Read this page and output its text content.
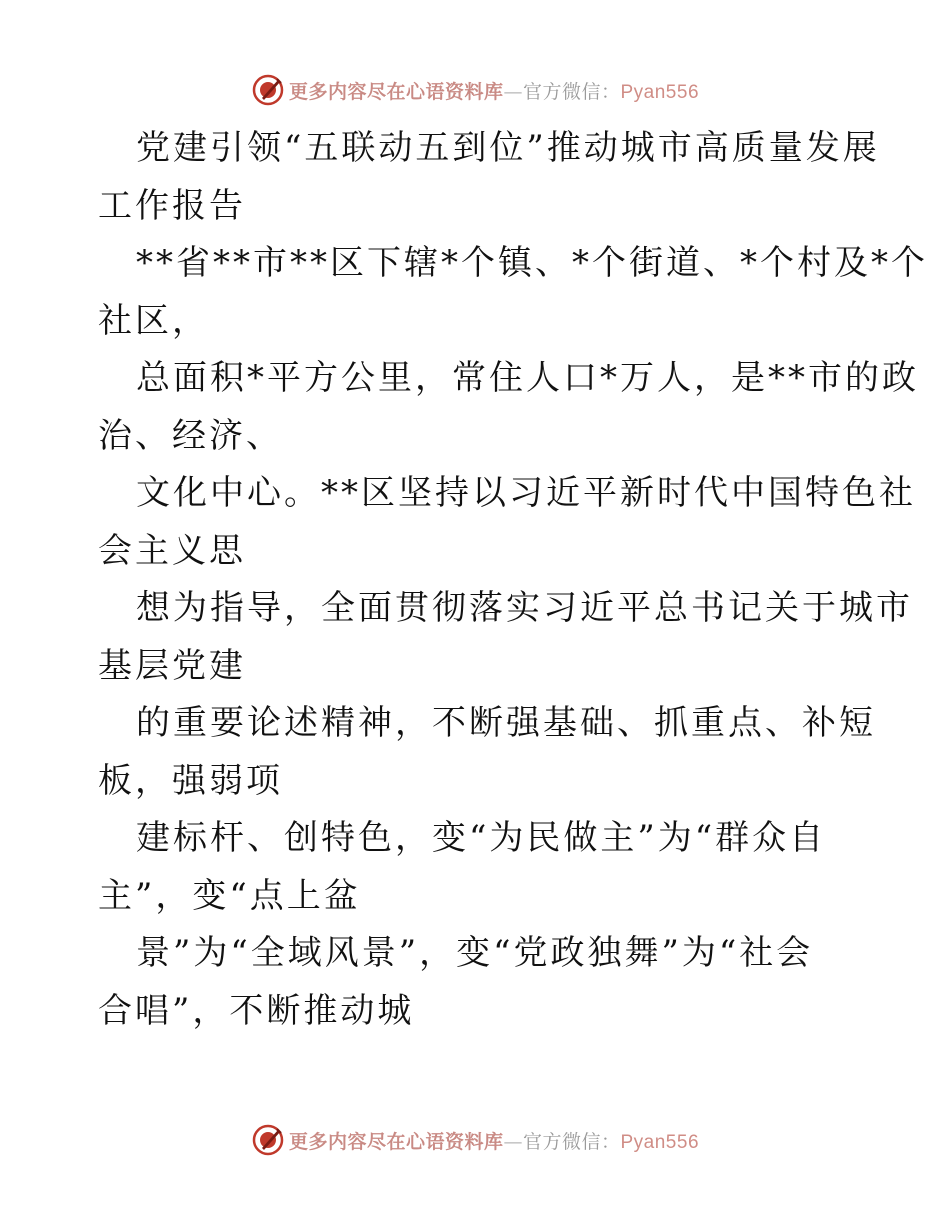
更多内容尽在心语资料库—官方微信：Pyan556

党建引领“五联动五到位”推动城市高质量发展
工作报告

**省**市**区下辖*个镇、*个街道、*个村及*个
社区，

总面积*平方公里，常住人口*万人，是**市的政
治、经济、

文化中心。**区坚持以习近平新时代中国特色社
会主义思

想为指导，全面贯彻落实习近平总书记关于城市
基层党建

的重要论述精神，不断强基础、抓重点、补短
板，强弱项

建标杆、创特色，变“为民做主”为“群众自
主”，变“点上盆

景”为“全域风景”，变“党政独舞”为“社会
合唱”，不断推动城

更多内容尽在心语资料库—官方微信：Pyan556
